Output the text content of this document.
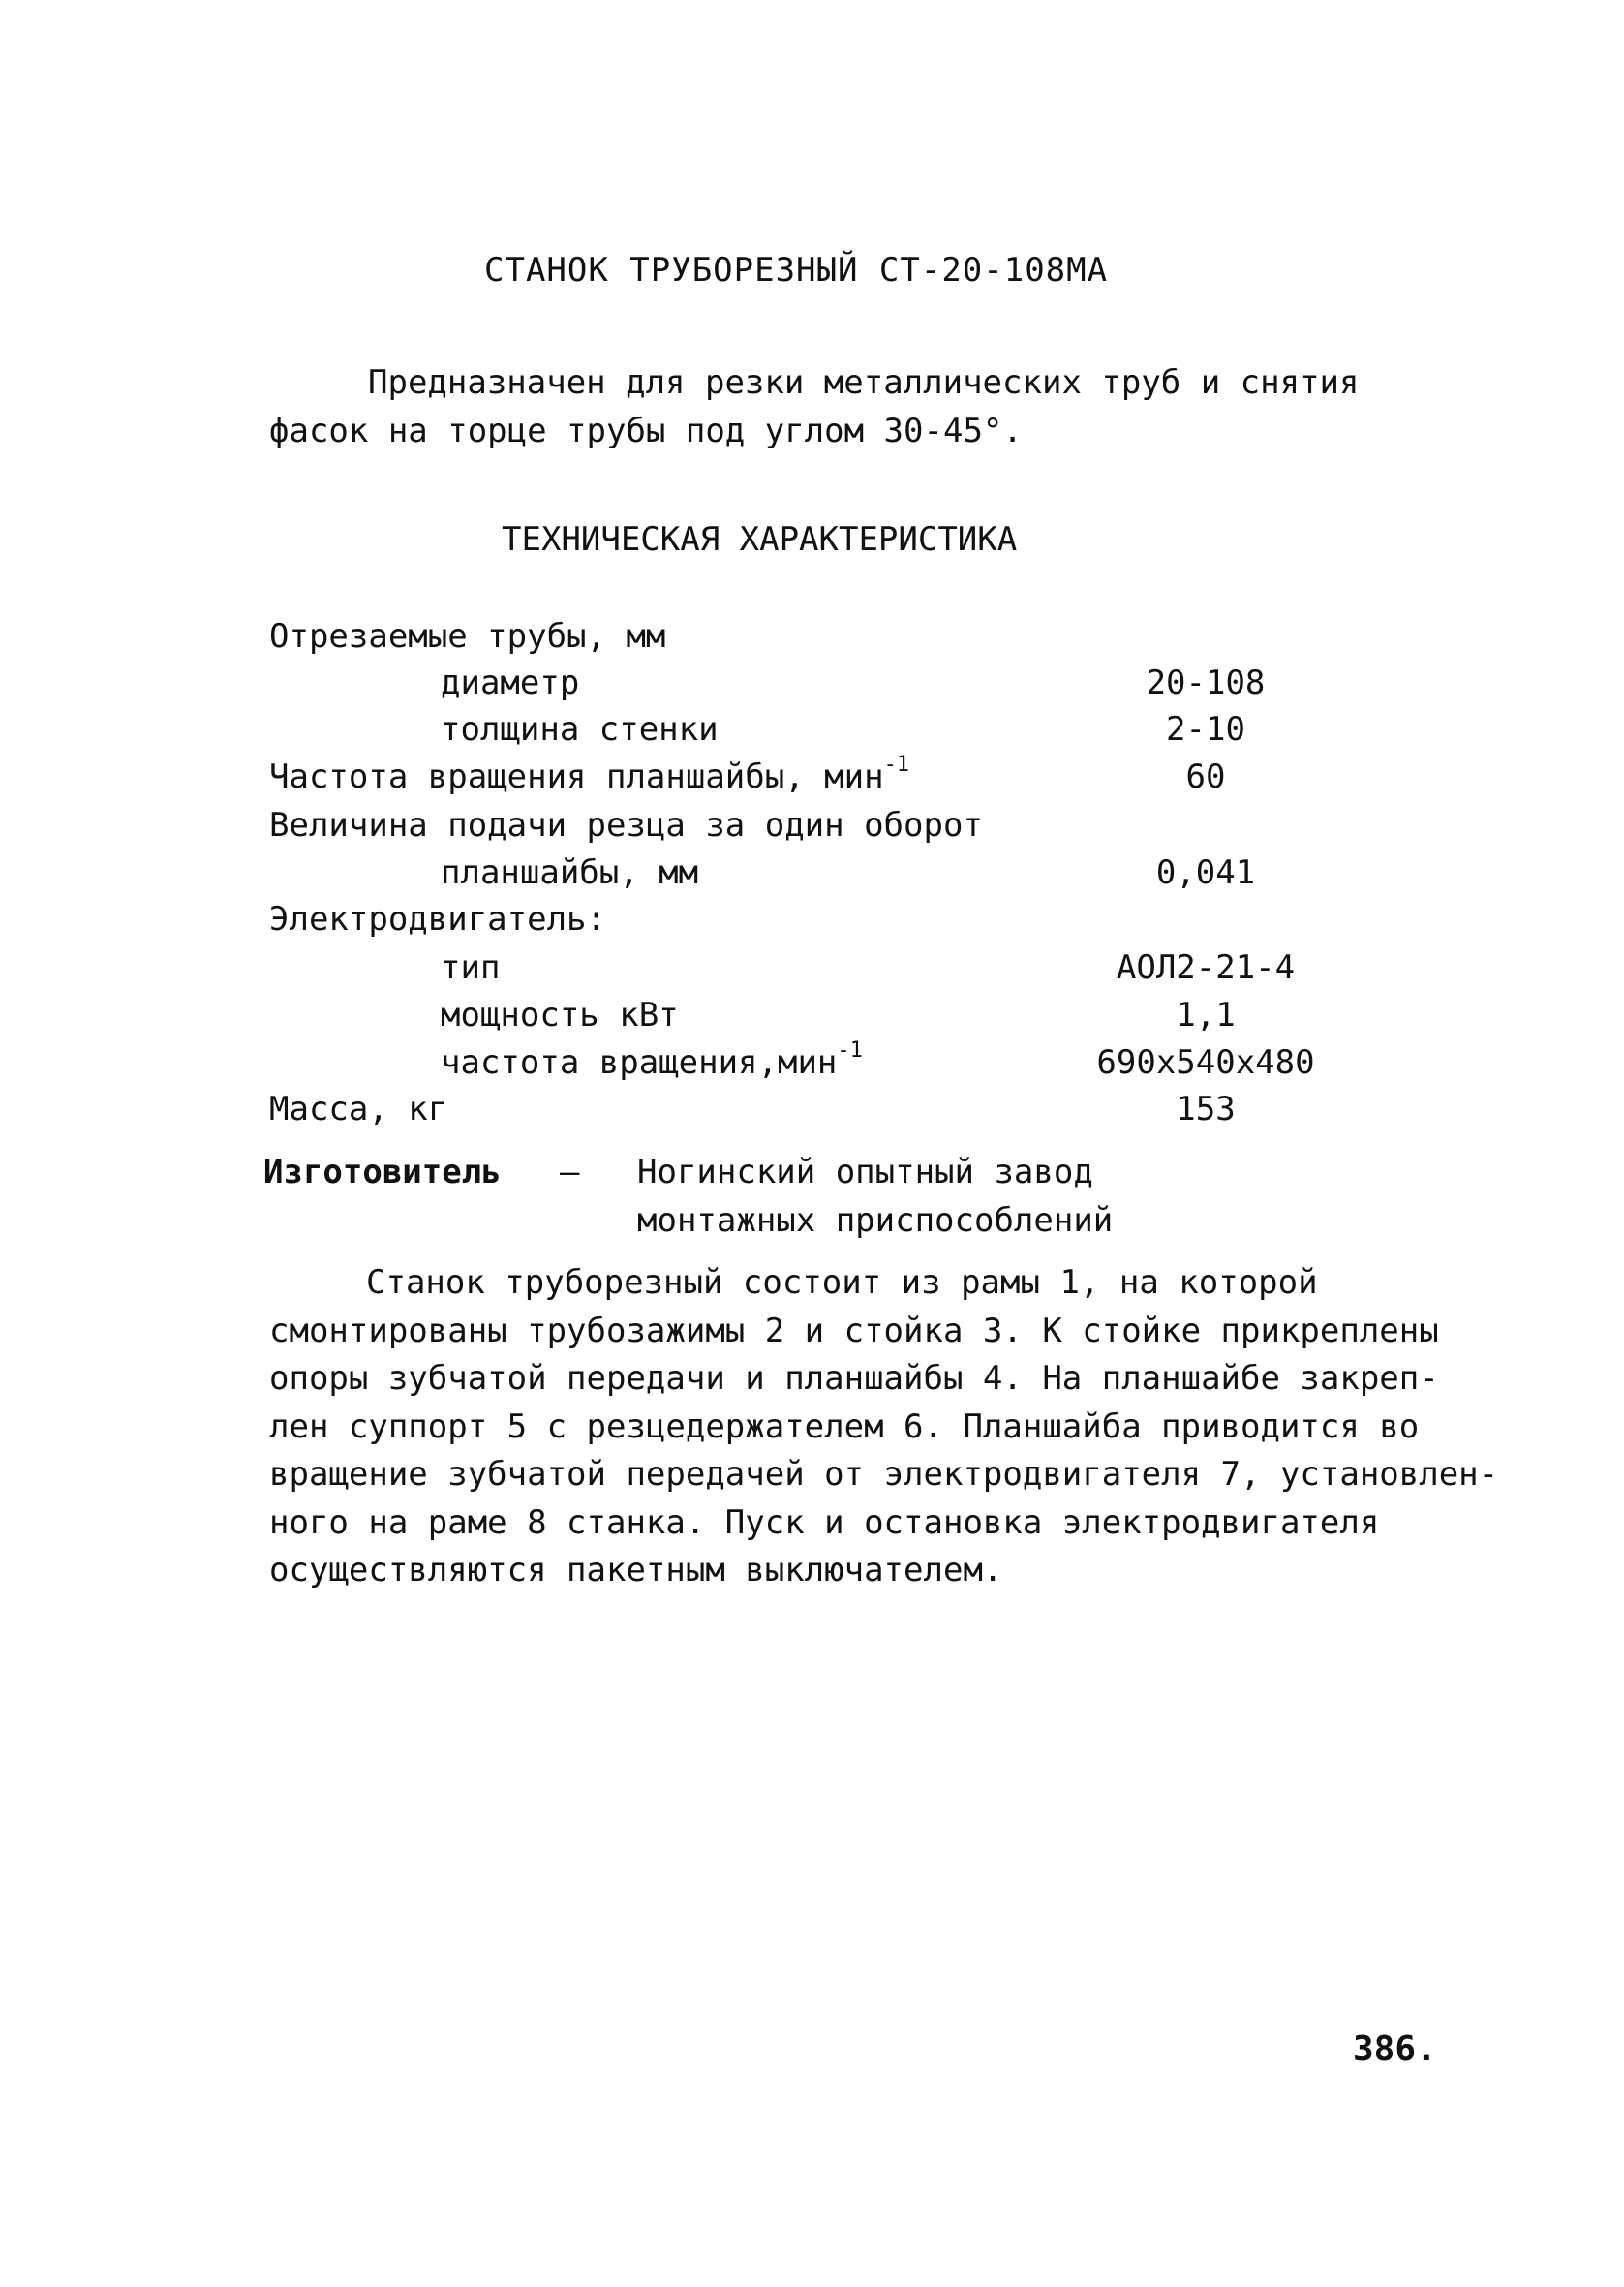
СТАНОК ТРУБОРЕЗНЫЙ СТ-20-108МА
Предназначен для резки металлических труб и снятия
фасок на торце трубы под углом 30-45°.
ТЕХНИЧЕСКАЯ ХАРАКТЕРИСТИКА
Отрезаемые трубы, мм
диаметр	20-108
толщина стенки	2-10
Частота вращения планшайбы, мин$^{-1}$	60
Величина подачи резца за один оборот
планшайбы, мм	0,041
Электродвигатель:
тип	АОЛ2-21-4
мощность кВт	1,1
частота вращения,мин$^{-1}$	690x540x480
Масса, кг	153
Изготовитель – Ногинский опытный завод
монтажных приспособлений
Станок труборезный состоит из рамы 1, на которой
смонтированы трубозажимы 2 и стойка 3. К стойке прикреплены
опоры зубчатой передачи и планшайбы 4. На планшайбе закреп-
лен суппорт 5 с резцедержателем 6. Планшайба приводится во
вращение зубчатой передачей от электродвигателя 7, установлен-
ного на раме 8 станка. Пуск и остановка электродвигателя
осуществляются пакетным выключателем.
386.
